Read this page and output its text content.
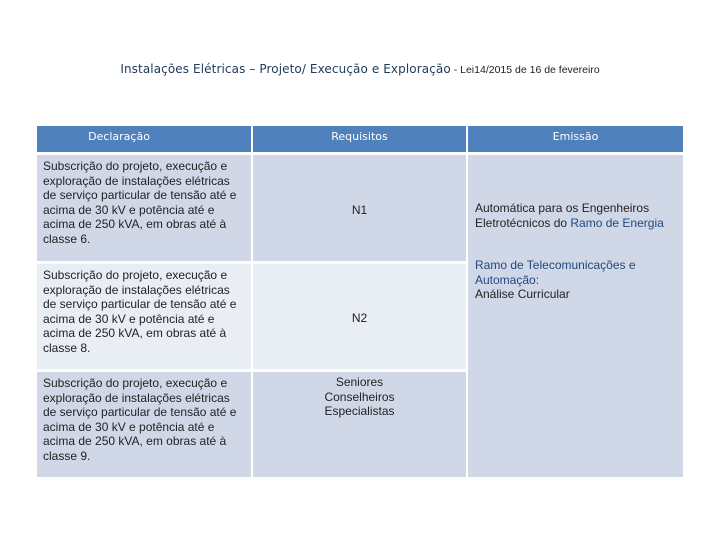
Instalações Elétricas – Projeto/ Execução e Exploração - Lei14/2015 de 16 de fevereiro
Declaração	Requisitos	Emissão
Subscrição do projeto, execução e exploração de instalações elétricas de serviço particular de tensão até e acima de 30 kV e potência até e acima de 250 kVA, em obras até à classe 6.
N1
Subscrição do projeto, execução e exploração de instalações elétricas de serviço particular de tensão até e acima de 30 kV e potência até e acima de 250 kVA, em obras até à classe 8.
N2
Subscrição do projeto, execução e exploração de instalações elétricas de serviço particular de tensão até e acima de 30 kV e potência até e acima de 250 kVA, em obras até à classe 9.
Seniores
Conselheiros
Especialistas
Automática para os Engenheiros Eletrotécnicos do Ramo de Energia
Ramo de Telecomunicações e Automação:
Análise Curricular
